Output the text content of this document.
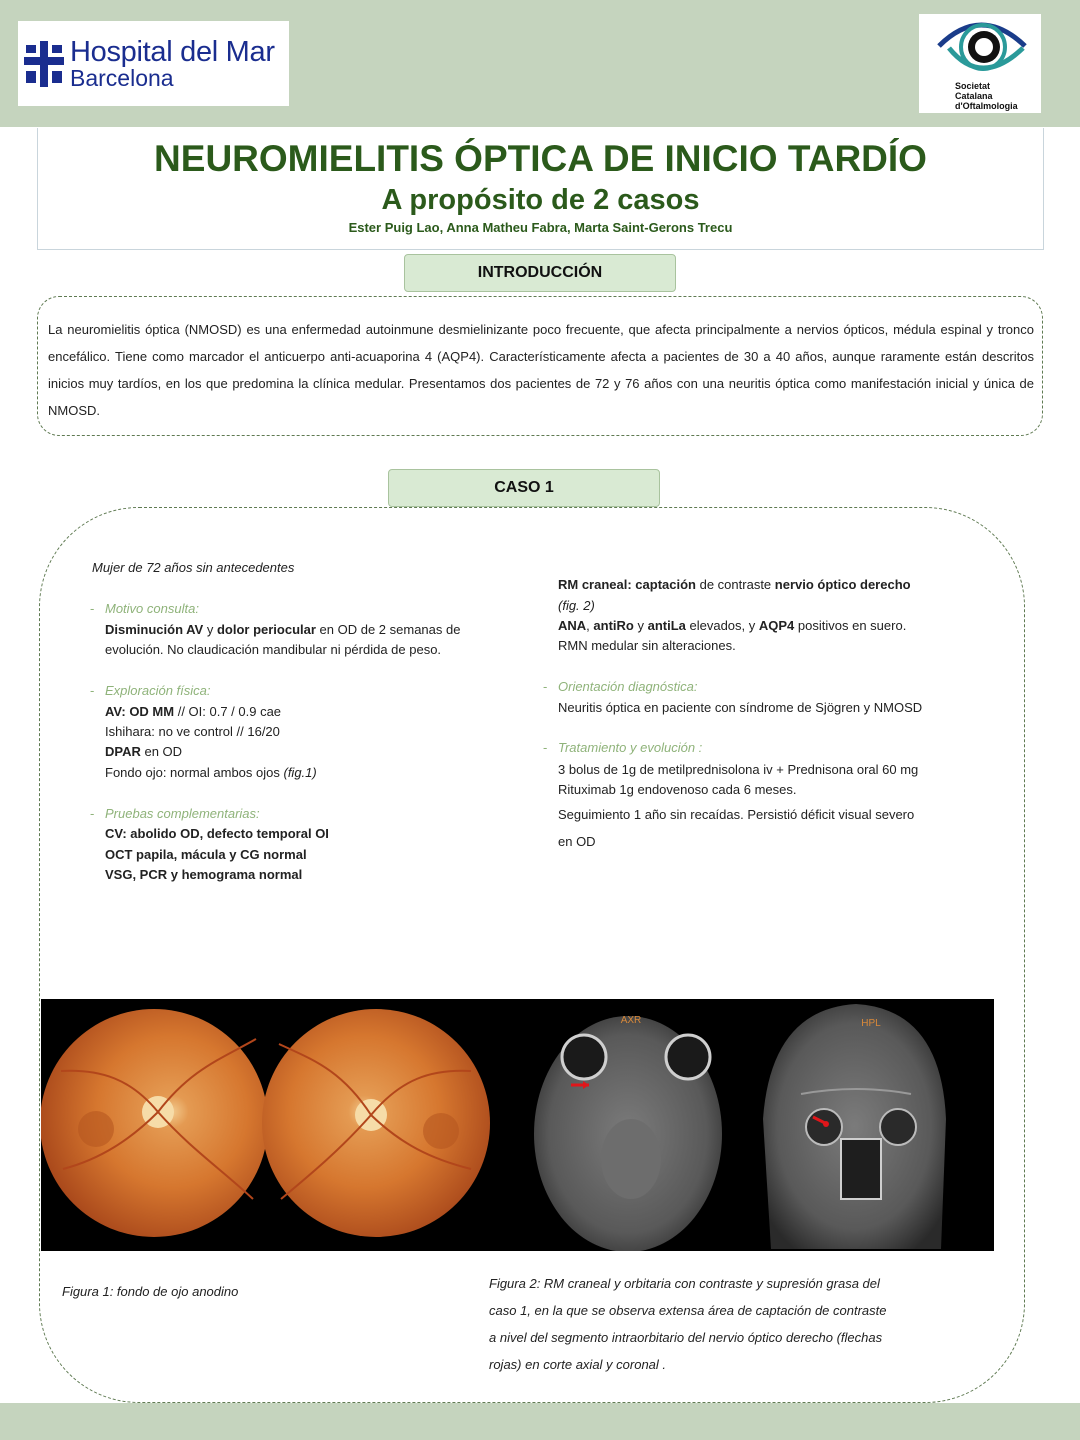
Hospital del Mar
Barcelona	Societat
Catalana
d'Oftalmologia
NEUROMIELITIS ÓPTICA DE INICIO TARDÍO
A propósito de 2 casos
Ester Puig Lao, Anna Matheu Fabra, Marta Saint-Gerons Trecu
INTRODUCCIÓN

La neuromielitis óptica (NMOSD) es una enfermedad autoinmune desmielinizante poco frecuente, que afecta principalmente a nervios ópticos, médula espinal y tronco encefálico. Tiene como marcador el anticuerpo anti-acuaporina 4 (AQP4). Característicamente afecta a pacientes de 30 a 40 años, aunque raramente están descritos inicios muy tardíos, en los que predomina la clínica medular. Presentamos dos pacientes de 72 y 76 años con una neuritis óptica como manifestación inicial y única de NMOSD.

CASO 1
Mujer de 72 años sin antecedentes
- Motivo consulta:
Disminución AV y dolor periocular en OD de 2 semanas de
evolución. No claudicación mandibular ni pérdida de peso.
- Exploración física:
AV: OD MM // OI: 0.7 / 0.9 cae
Ishihara: no ve control // 16/20
DPAR en OD
Fondo ojo: normal ambos ojos (fig.1)
- Pruebas complementarias:
CV: abolido OD, defecto temporal OI
OCT papila, mácula y CG normal
VSG, PCR y hemograma normal
RM craneal: captación de contraste nervio óptico derecho
(fig. 2)
ANA, antiRo y antiLa elevados, y AQP4 positivos en suero.
RMN medular sin alteraciones.
- Orientación diagnóstica:
Neuritis óptica en paciente con síndrome de Sjögren y NMOSD
- Tratamiento y evolución :
3 bolus de 1g de metilprednisolona iv + Prednisona oral 60 mg
Rituximab 1g endovenoso cada 6 meses.
Seguimiento 1 año sin recaídas. Persistió déficit visual severo
en OD
AXR	HPL
Figura 1: fondo de ojo anodino
Figura 2: RM craneal y orbitaria con contraste y supresión grasa del
caso 1, en la que se observa extensa área de captación de contraste
a nivel del segmento intraorbitario del nervio óptico derecho (flechas
rojas) en corte axial y coronal .
